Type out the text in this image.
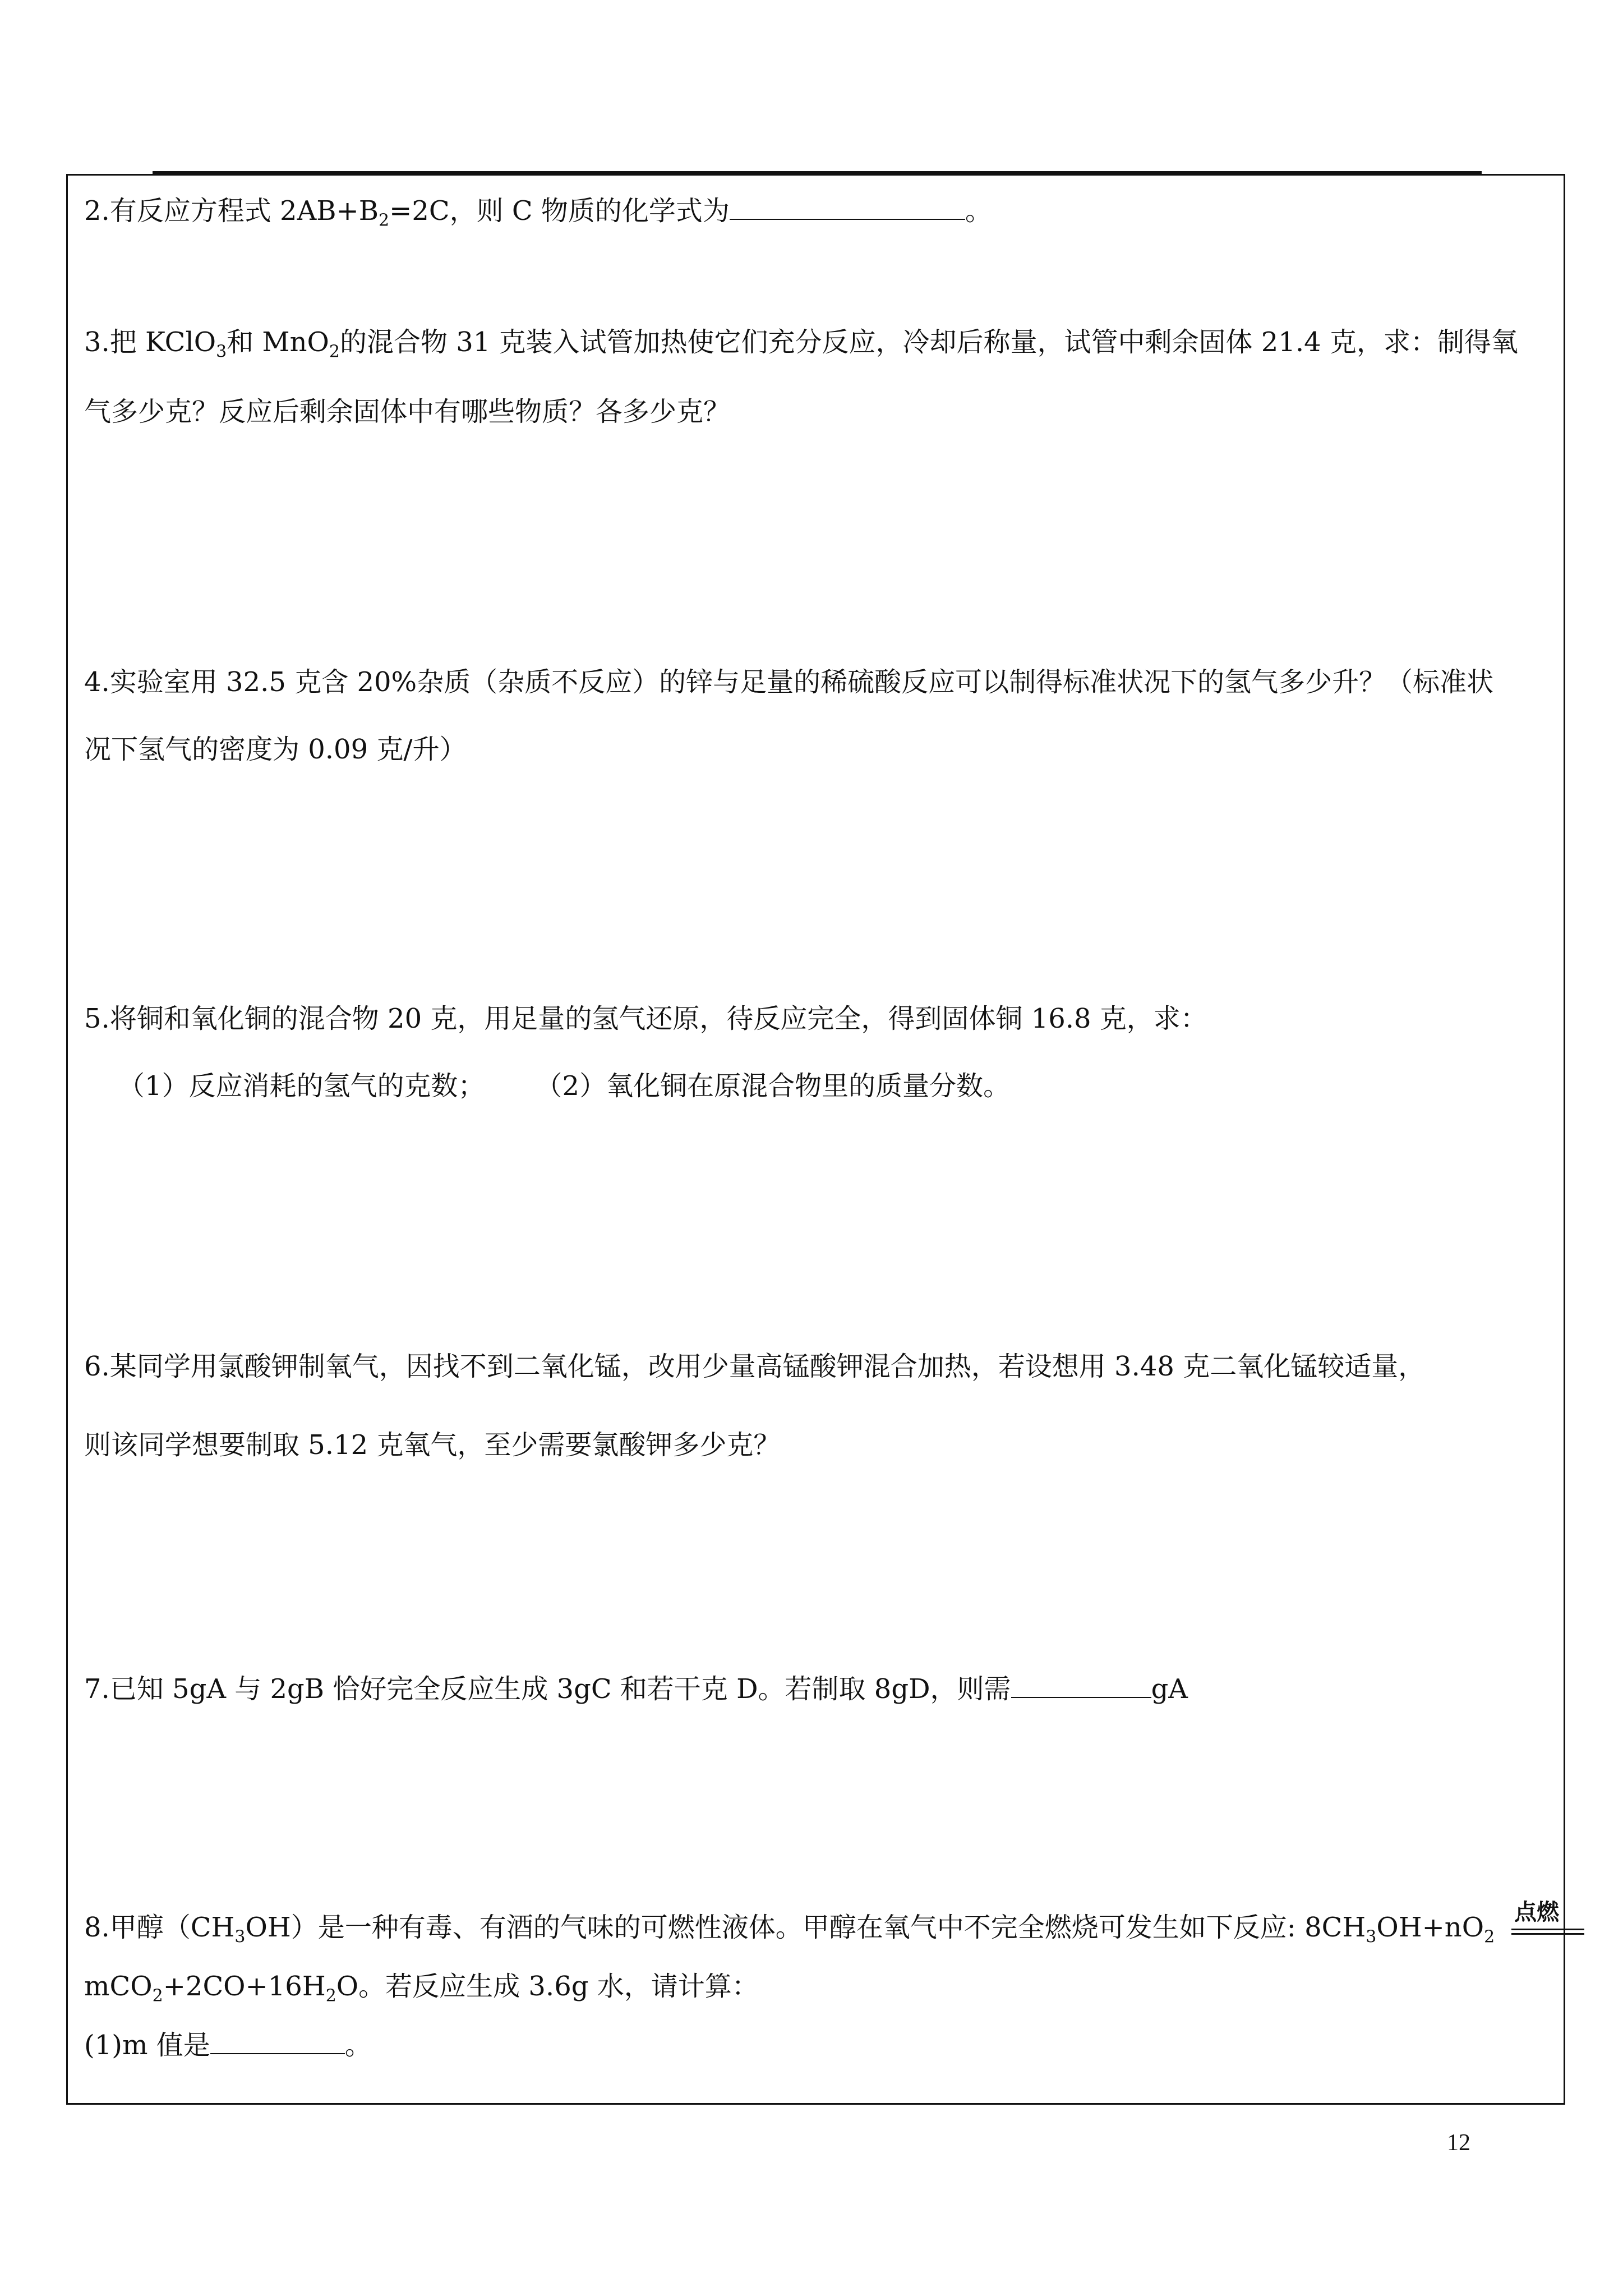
2.有反应方程式 $2AB+B_2=2C$，则 C 物质的化学式为	。

3.把 KClO$_3$和 MnO$_2$的混合物 31 克装入试管加热使它们充分反应，冷却后称量，试管中剩余固体 21.4 克，求：制得氧

气多少克？反应后剩余固体中有哪些物质？各多少克？

4.实验室用 32.5 克含 20%杂质（杂质不反应）的锌与足量的稀硫酸反应可以制得标准状况下的氢气多少升？（标准状

况下氢气的密度为 0.09 克/升）

5.将铜和氧化铜的混合物 20 克，用足量的氢气还原，待反应完全，得到固体铜 16.8 克，求：

（1）反应消耗的氢气的克数； （2）氧化铜在原混合物里的质量分数。

6.某同学用氯酸钾制氧气，因找不到二氧化锰，改用少量高锰酸钾混合加热，若设想用 3.48 克二氧化锰较适量，

则该同学想要制取 5.12 克氧气，至少需要氯酸钾多少克？

7.已知 5gA 与 2gB 恰好完全反应生成 3gC 和若干克 D。若制取 8gD，则需	gA

8.甲醇$(CH_3OH)$是一种有毒、有酒的气味的可燃性液体。甲醇在氧气中不完全燃烧可发生如下反应: $8CH_3OH+nO_2$
点燃

$mCO_2+2CO+16H_2O$。若反应生成 3.6g 水，请计算：

(1)m 值是	。

12
